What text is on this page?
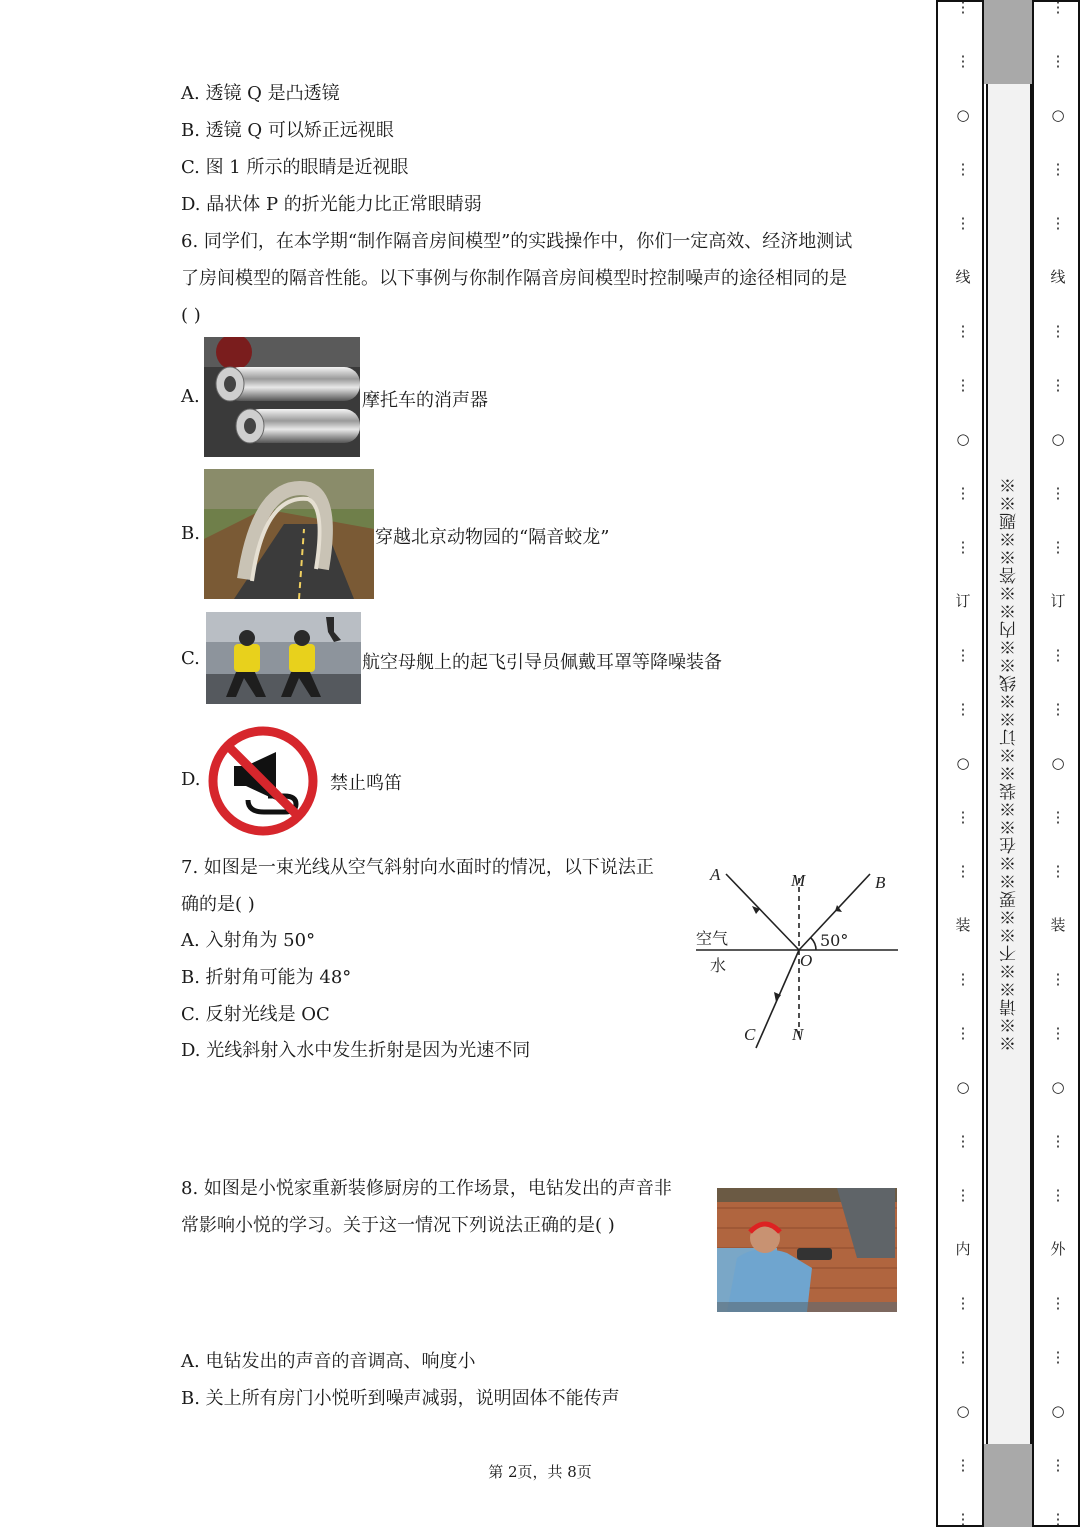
A. 透镜 Q 是凸透镜
B. 透镜 Q 可以矫正远视眼
C. 图 1 所示的眼睛是近视眼
D. 晶状体 P 的折光能力比正常眼睛弱
6. 同学们，在本学期“制作隔音房间模型”的实践操作中，你们一定高效、经济地测试
了房间模型的隔音性能。以下事例与你制作隔音房间模型时控制噪声的途径相同的是
( )
A.	摩托车的消声器
B.	穿越北京动物园的“隔音蛟龙”
C.	航空母舰上的起飞引导员佩戴耳罩等降噪装备
D.	禁止鸣笛
7. 如图是一束光线从空气斜射向水面时的情况，以下说法正
确的是( )
A. 入射角为 50°
B. 折射角可能为 48°
C. 反射光线是 OC
D. 光线斜射入水中发生折射是因为光速不同
A	M	B
O
C N
空气
水
50°
8. 如图是小悦家重新装修厨房的工作场景，电钻发出的声音非
常影响小悦的学习。关于这一情况下列说法正确的是( )
A. 电钻发出的声音的音调高、响度小
B. 关上所有房门小悦听到噪声减弱，说明固体不能传声
第 2页，共 8页
※※请※※不※※要※※在※※装※※订※※线※※内※※答※※题※※
⋮
⋮
○
⋮
⋮
线
⋮
⋮
○
⋮
⋮
订
⋮
⋮
○
⋮
⋮
装
⋮
⋮
○
⋮
⋮
内
⋮
⋮
○
⋮
⋮
⋮
⋮
○
⋮
⋮
线
⋮
⋮
○
⋮
⋮
订
⋮
⋮
○
⋮
⋮
装
⋮
⋮
○
⋮
⋮
外
⋮
⋮
○
⋮
⋮
